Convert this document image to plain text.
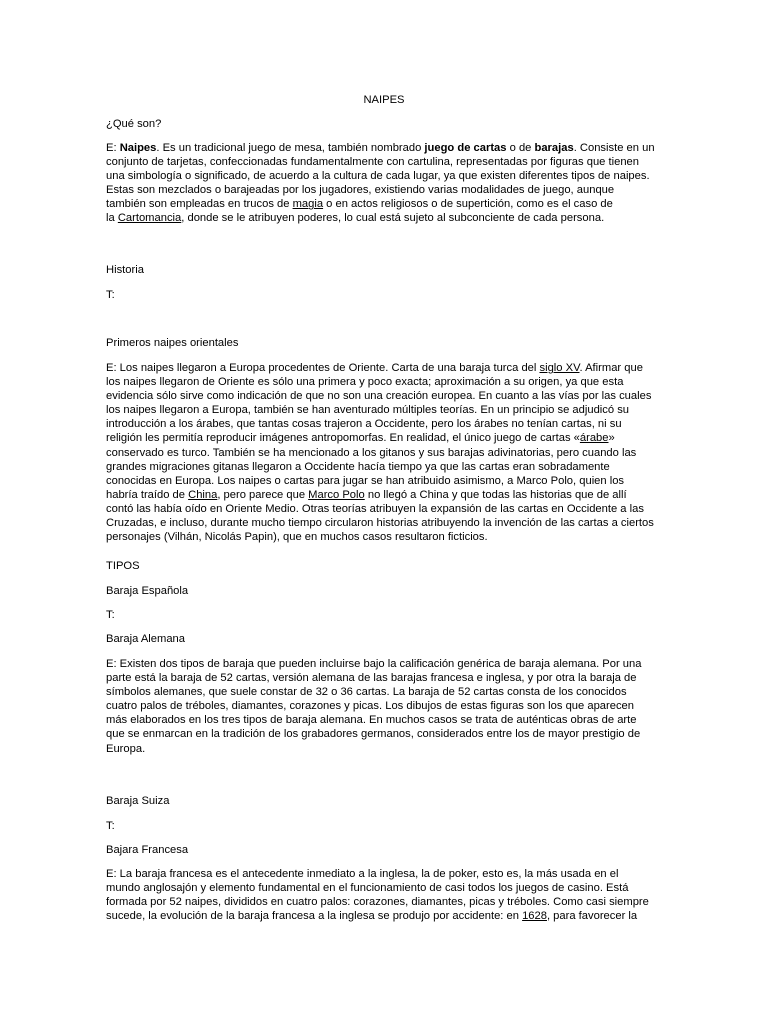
NAIPES

¿Qué son?

E: Naipes. Es un tradicional juego de mesa, también nombrado juego de cartas o de barajas. Consiste en un
conjunto de tarjetas, confeccionadas fundamentalmente con cartulina, representadas por figuras que tienen
una simbología o significado, de acuerdo a la cultura de cada lugar, ya que existen diferentes tipos de naipes.
Estas son mezclados o barajeadas por los jugadores, existiendo varias modalidades de juego, aunque
también son empleadas en trucos de magia o en actos religiosos o de supertición, como es el caso de
la Cartomancia, donde se le atribuyen poderes, lo cual está sujeto al subconciente de cada persona.

Historia

T:

Primeros naipes orientales

E: Los naipes llegaron a Europa procedentes de Oriente. Carta de una baraja turca del siglo XV. Afirmar que
los naipes llegaron de Oriente es sólo una primera y poco exacta; aproximación a su origen, ya que esta
evidencia sólo sirve como indicación de que no son una creación europea. En cuanto a las vías por las cuales
los naipes llegaron a Europa, también se han aventurado múltiples teorías. En un principio se adjudicó su
introducción a los árabes, que tantas cosas trajeron a Occidente, pero los árabes no tenían cartas, ni su
religión les permitía reproducir imágenes antropomorfas. En realidad, el único juego de cartas «árabe»
conservado es turco. También se ha mencionado a los gitanos y sus barajas adivinatorias, pero cuando las
grandes migraciones gitanas llegaron a Occidente hacía tiempo ya que las cartas eran sobradamente
conocidas en Europa. Los naipes o cartas para jugar se han atribuido asimismo, a Marco Polo, quien los
habría traído de China, pero parece que Marco Polo no llegó a China y que todas las historias que de allí
contó las había oído en Oriente Medio. Otras teorías atribuyen la expansión de las cartas en Occidente a las
Cruzadas, e incluso, durante mucho tiempo circularon historias atribuyendo la invención de las cartas a ciertos
personajes (Vilhán, Nicolás Papin), que en muchos casos resultaron ficticios.

TIPOS

Baraja Española

T:

Baraja Alemana

E: Existen dos tipos de baraja que pueden incluirse bajo la calificación genérica de baraja alemana. Por una
parte está la baraja de 52 cartas, versión alemana de las barajas francesa e inglesa, y por otra la baraja de
símbolos alemanes, que suele constar de 32 o 36 cartas. La baraja de 52 cartas consta de los conocidos
cuatro palos de tréboles, diamantes, corazones y picas. Los dibujos de estas figuras son los que aparecen
más elaborados en los tres tipos de baraja alemana. En muchos casos se trata de auténticas obras de arte
que se enmarcan en la tradición de los grabadores germanos, considerados entre los de mayor prestigio de
Europa.

Baraja Suiza

T:

Bajara Francesa

E: La baraja francesa es el antecedente inmediato a la inglesa, la de poker, esto es, la más usada en el
mundo anglosajón y elemento fundamental en el funcionamiento de casi todos los juegos de casino. Está
formada por 52 naipes, divididos en cuatro palos: corazones, diamantes, picas y tréboles. Como casi siempre
sucede, la evolución de la baraja francesa a la inglesa se produjo por accidente: en 1628, para favorecer la
